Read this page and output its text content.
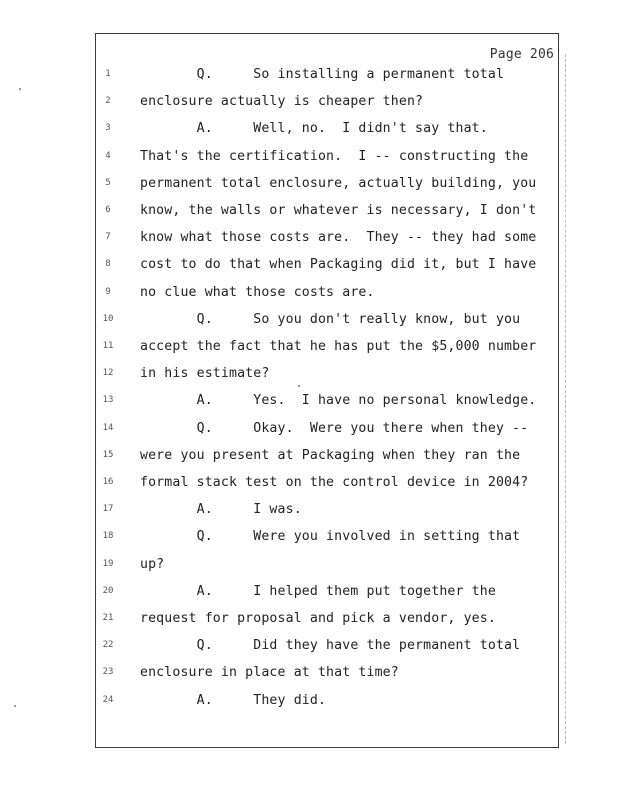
Page 206
1	Q.     So installing a permanent total
2	enclosure actually is cheaper then?
3	A.     Well, no.  I didn't say that.
4	That's the certification.  I -- constructing the
5	permanent total enclosure, actually building, you
6	know, the walls or whatever is necessary, I don't
7	know what those costs are.  They -- they had some
8	cost to do that when Packaging did it, but I have
9	no clue what those costs are.
10	Q.     So you don't really know, but you
11	accept the fact that he has put the $5,000 number
12	in his estimate?
13	A.     Yes.  I have no personal knowledge.
14	Q.     Okay.  Were you there when they --
15	were you present at Packaging when they ran the
16	formal stack test on the control device in 2004?
17	A.     I was.
18	Q.     Were you involved in setting that
19	up?
20	A.     I helped them put together the
21	request for proposal and pick a vendor, yes.
22	Q.     Did they have the permanent total
23	enclosure in place at that time?
24	A.     They did.
